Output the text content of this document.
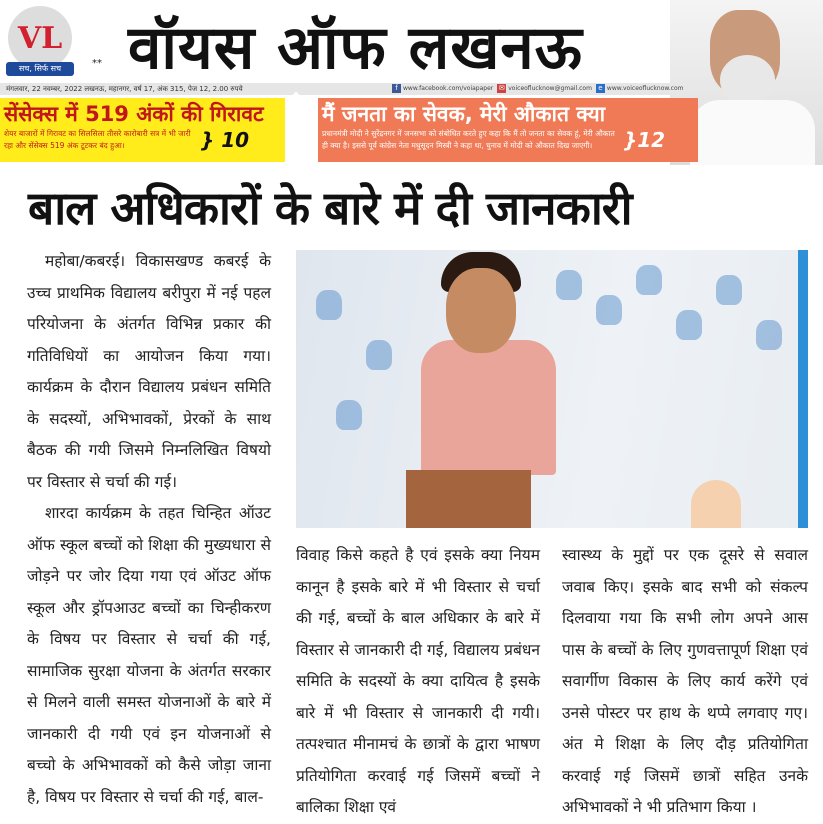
VL
सच, सिर्फ सच	** वॉयस ऑफ लखनऊ
मंगलवार, 22 नवम्बर, 2022 लखनऊ, महानगर, वर्ष 17, अंक 315, पेज 12, 2.00 रुपये	f www.facebook.com/voiapaper ✉ voiceoflucknow@gmail.com e www.voiceoflucknow.com
सेंसेक्स में 519 अंकों की गिरावट

शेयर बाजारों में गिरावट का सिलसिला तीसरे कारोबारी सत्र में भी जारी रहा और सेंसेक्स 519 अंक टूटकर बंद हुआ।	} 10
मैं जनता का सेवक, मेरी औकात क्या

प्रधानमंत्री मोदी ने सुरेंद्रनगर में जनसभा को संबोधित करते हुए कहा कि मैं तो जनता का सेवक हूं, मेरी औकात ही क्या है। इससे पूर्व कांग्रेस नेता मधुसूदन मिस्त्री ने कहा था, चुनाव में मोदी को औकात दिख जाएगी।	}12
बाल अधिकारों के बारे में दी जानकारी

महोबा/कबरई। विकासखण्ड कबरई के उच्च प्राथमिक विद्यालय बरीपुरा में नई पहल परियोजना के अंतर्गत विभिन्न प्रकार की गतिविधियों का आयोजन किया गया। कार्यक्रम के दौरान विद्यालय प्रबंधन समिति के सदस्यों, अभिभावकों, प्रेरकों के साथ बैठक की गयी जिसमे निम्नलिखित विषयो पर विस्तार से चर्चा की गई।

शारदा कार्यक्रम के तहत चिन्हित ऑउट ऑफ स्कूल बच्चों को शिक्षा की मुख्यधारा से जोड़ने पर जोर दिया गया एवं ऑउट ऑफ स्कूल और ड्रॉपआउट बच्चों का चिन्हीकरण के विषय पर विस्तार से चर्चा की गई, सामाजिक सुरक्षा योजना के अंतर्गत सरकार से मिलने वाली समस्त योजनाओं के बारे में जानकारी दी गयी एवं इन योजनाओं से बच्चो के अभिभावकों को कैसे जोड़ा जाना है, विषय पर विस्तार से चर्चा की गई, बाल-

विवाह किसे कहते है एवं इसके क्या नियम कानून है इसके बारे में भी विस्तार से चर्चा की गई, बच्चों के बाल अधिकार के बारे में विस्तार से जानकारी दी गई, विद्यालय प्रबंधन समिति के सदस्यों के क्या दायित्व है इसके बारे में भी विस्तार से जानकारी दी गयी। तत्पश्चात मीनामचं के छात्रों के द्वारा भाषण प्रतियोगिता करवाई गई जिसमें बच्चों ने बालिका शिक्षा एवं

स्वास्थ्य के मुद्दों पर एक दूसरे से सवाल जवाब किए। इसके बाद सभी को संकल्प दिलवाया गया कि सभी लोग अपने आस पास के बच्चों के लिए गुणवत्तापूर्ण शिक्षा एवं सवार्गीण विकास के लिए कार्य करेंगे एवं उनसे पोस्टर पर हाथ के थप्पे लगवाए गए। अंत मे शिक्षा के लिए दौड़ प्रतियोगिता करवाई गई जिसमें छात्रों सहित उनके अभिभावकों ने भी प्रतिभाग किया ।
